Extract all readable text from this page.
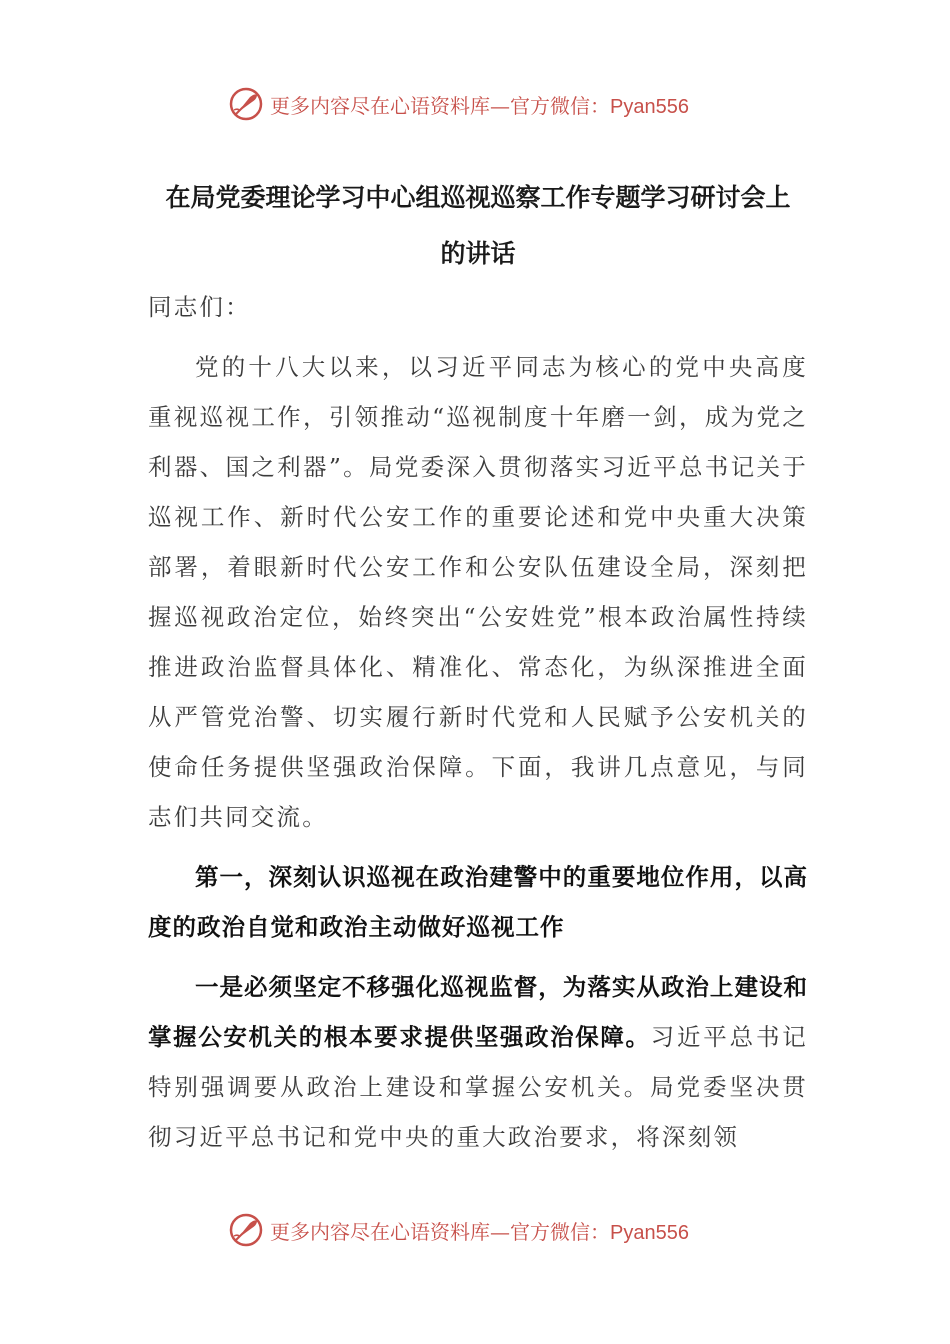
更多内容尽在心语资料库—官方微信：Pyan556
在局党委理论学习中心组巡视巡察工作专题学习研讨会上
的讲话

同志们：

党的十八大以来，以习近平同志为核心的党中央高度重视巡视工作，引领推动“巡视制度十年磨一剑，成为党之利器、国之利器”。局党委深入贯彻落实习近平总书记关于巡视工作、新时代公安工作的重要论述和党中央重大决策部署，着眼新时代公安工作和公安队伍建设全局，深刻把握巡视政治定位，始终突出“公安姓党”根本政治属性持续推进政治监督具体化、精准化、常态化，为纵深推进全面从严管党治警、切实履行新时代党和人民赋予公安机关的使命任务提供坚强政治保障。下面，我讲几点意见，与同志们共同交流。

第一，深刻认识巡视在政治建警中的重要地位作用，以高度的政治自觉和政治主动做好巡视工作

一是必须坚定不移强化巡视监督，为落实从政治上建设和掌握公安机关的根本要求提供坚强政治保障。习近平总书记特别强调要从政治上建设和掌握公安机关。局党委坚决贯彻习近平总书记和党中央的重大政治要求，将深刻领

更多内容尽在心语资料库—官方微信：Pyan556
